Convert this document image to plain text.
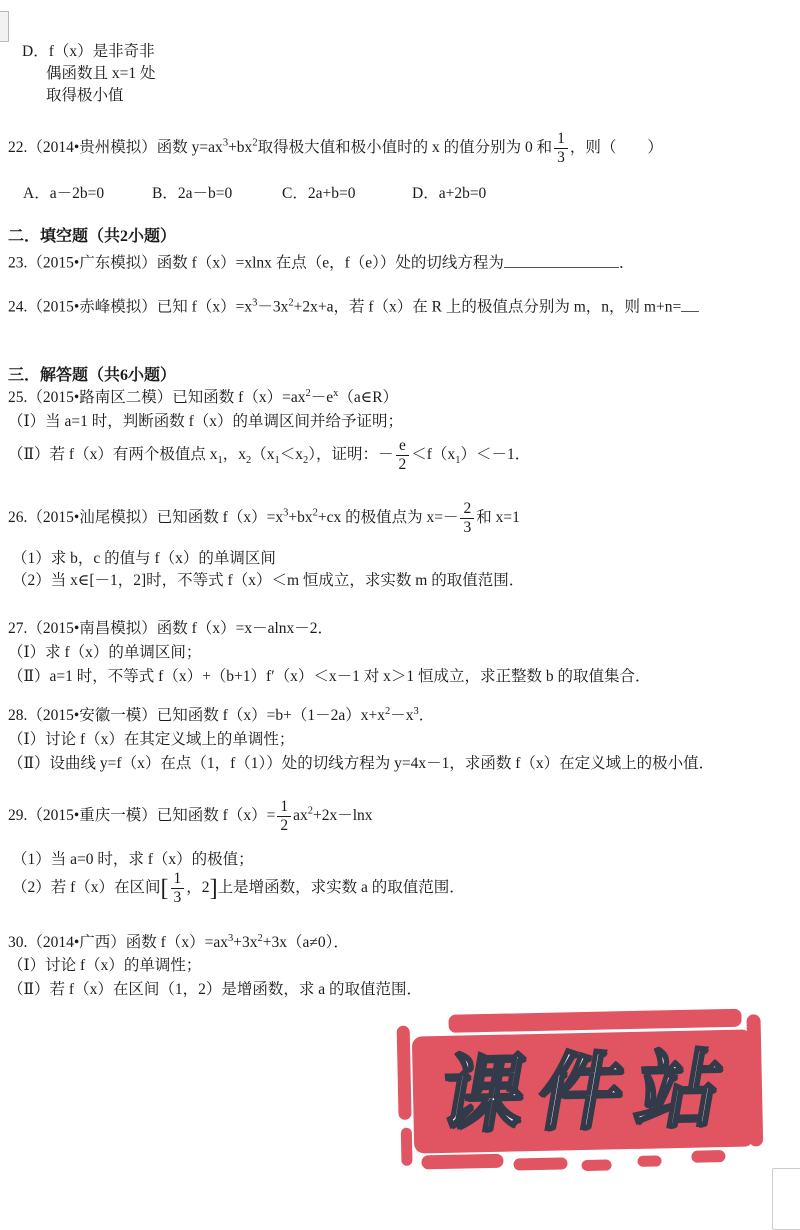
D．f（x）是非奇非
偶函数且 x=1 处
取得极小值
22.（2014•贵州模拟）函数 $y=ax^3+bx^2$取得极大值和极小值时的 x 的值分别为 0 和 $\frac{1}{3}$ ，则（　　）
A．a－2b=0	B．2a－b=0	C．2a+b=0	D．a+2b=0
二．填空题（共2小题）
23.（2015•广东模拟）函数 f（x）=xlnx 在点（e，f（e））处的切线方程为	．
24.（2015•赤峰模拟）已知 $f(x)=x^3-3x^2+2x+a$，若 f（x）在 R 上的极值点分别为 m，n，则 m+n=
三．解答题（共6小题）
25.（2015•路南区二模）已知函数 $f(x)=ax^2-e^x(a\in R)$
（Ⅰ）当 a=1 时，判断函数 f（x）的单调区间并给予证明；
（Ⅱ）若 f（x）有两个极值点 $x_1$，$x_2(x_1<x_2)$，证明：－ $\frac{e}{2} <f(x_1)<-1$．
26.（2015•汕尾模拟）已知函数 $f(x)=x^3+bx^2+cx$ 的极值点为 $x=- \frac{2}{3}$ 和 x=1
（1）求 b，c 的值与 f（x）的单调区间
（2）当 x∈[－1，2]时，不等式 f（x）＜m 恒成立，求实数 m 的取值范围．
27.（2015•南昌模拟）函数 f（x）=x－alnx－2．
（Ⅰ）求 f（x）的单调区间；
（Ⅱ）a=1 时，不等式 f（x）+（b+1）f′（x）＜x－1 对 x＞1 恒成立，求正整数 b 的取值集合．
28.（2015•安徽一模）已知函数 $f(x)=b+(1-2a)x+x^2-x^3$．
（Ⅰ）讨论 f（x）在其定义域上的单调性；
（Ⅱ）设曲线 y=f（x）在点（1，f（1））处的切线方程为 y=4x－1，求函数 f（x）在定义域上的极小值．
29.（2015•重庆一模）已知函数 $f(x)= \frac{1}{2} ax^2+2x-\ln x$
（1）当 a=0 时，求 f（x）的极值；
（2）若 f（x）在区间[ $\frac{1}{3}$ ，2]上是增函数，求实数 a 的取值范围．
30.（2014•广西）函数 $f(x)=ax^3+3x^2+3x(a\ne 0)$．
（Ⅰ）讨论 f（x）的单调性；
（Ⅱ）若 f（x）在区间（1，2）是增函数，求 a 的取值范围．
课件站
